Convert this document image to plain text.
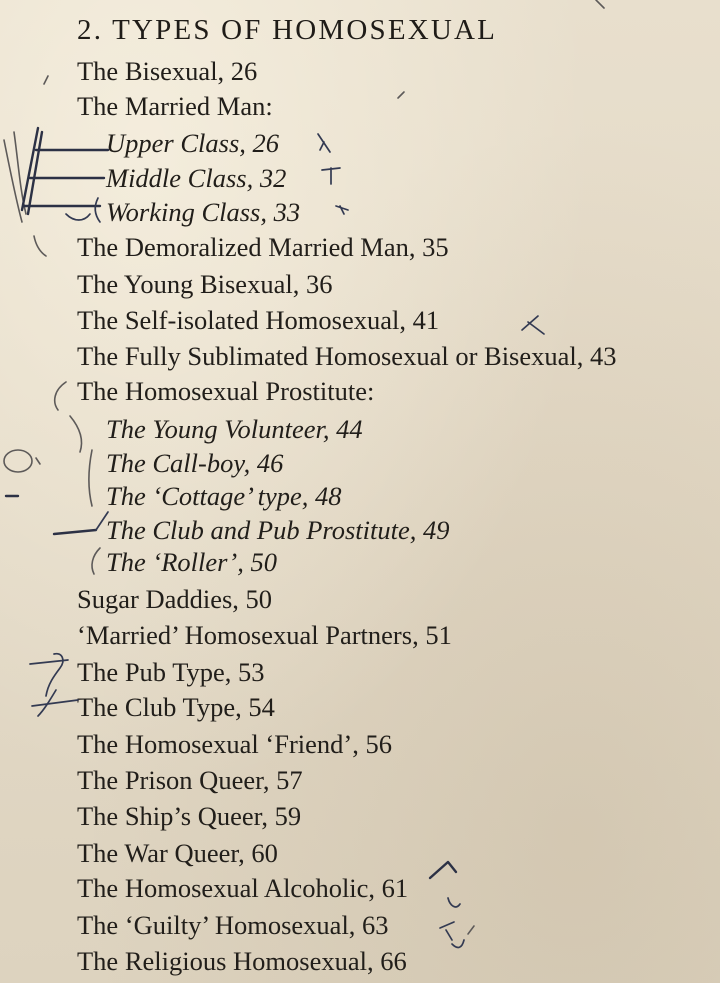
2. TYPES OF HOMOSEXUAL
The Bisexual, 26
The Married Man:
Upper Class, 26
Middle Class, 32
Working Class, 33
The Demoralized Married Man, 35
The Young Bisexual, 36
The Self-isolated Homosexual, 41
The Fully Sublimated Homosexual or Bisexual, 43
The Homosexual Prostitute:
The Young Volunteer, 44
The Call-boy, 46
The ‘Cottage’ type, 48
The Club and Pub Prostitute, 49
The ‘Roller’, 50
Sugar Daddies, 50
‘Married’ Homosexual Partners, 51
The Pub Type, 53
The Club Type, 54
The Homosexual ‘Friend’, 56
The Prison Queer, 57
The Ship’s Queer, 59
The War Queer, 60
The Homosexual Alcoholic, 61
The ‘Guilty’ Homosexual, 63
The Religious Homosexual, 66
